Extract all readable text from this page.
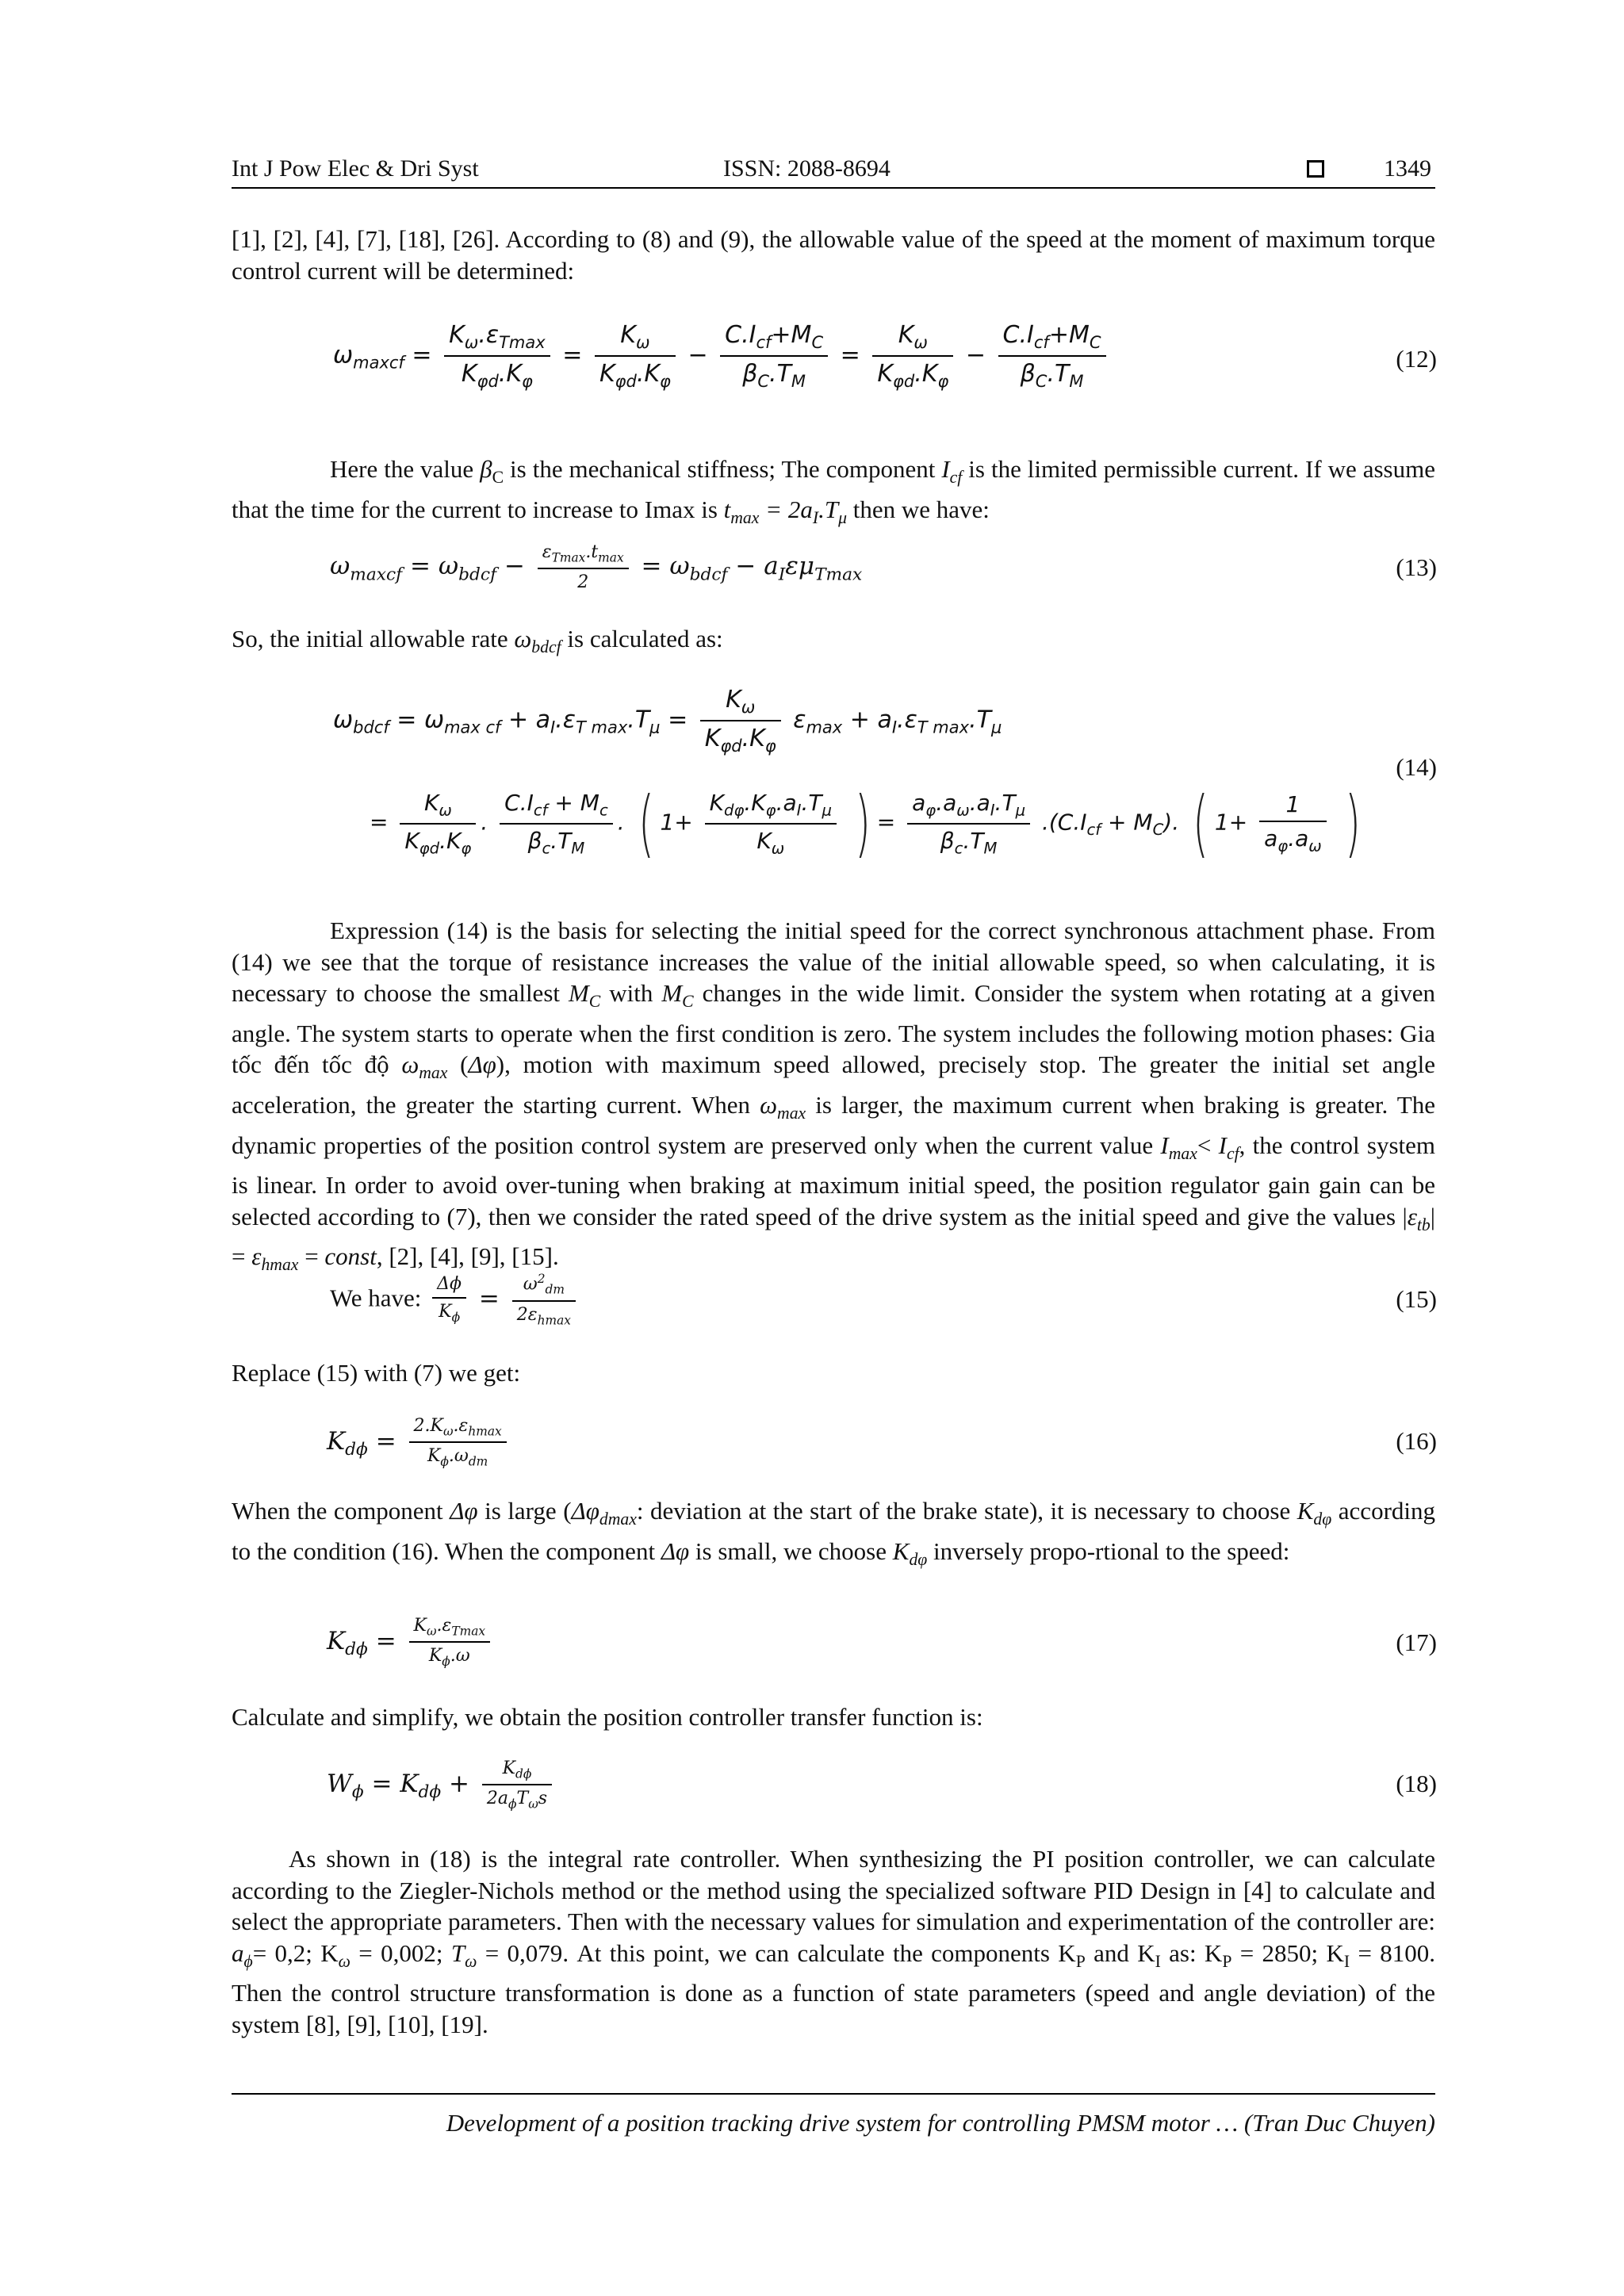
Int J Pow Elec & Dri Syst	ISSN: 2088-8694	1349

[1], [2], [4], [7], [18], [26]. According to (8) and (9), the allowable value of the speed at the moment of maximum torque control current will be determined:

$\omega_{maxcf} = \frac{K_\omega.\varepsilon_{Tmax}}{K_{\varphi d}.K_\varphi} = \frac{K_\omega}{K_{\varphi d}.K_\varphi} - \frac{C.I_{cf}+M_C}{\beta_C.T_M} = \frac{K_\omega}{K_{\varphi d}.K_\varphi} - \frac{C.I_{cf}+M_C}{\beta_C.T_M}$	(12)

Here the value $\beta_C$ is the mechanical stiffness; The component $I_{cf}$ is the limited permissible current. If we assume that the time for the current to increase to Imax is $t_{max} = 2a_I.T_\mu$ then we have:

$\omega_{maxcf} = \omega_{bdcf} - \frac{\varepsilon_{Tmax}.t_{max}}{2} = \omega_{bdcf} - a_I\varepsilon\mu_{Tmax}$	(13)

So, the initial allowable rate $\omega_{bdcf}$ is calculated as:

$\omega_{bdcf} = \omega_{max cf} + a_I.\varepsilon_{T max}.T_\mu = \frac{K_\omega}{K_{\varphi d}.K_\varphi} \varepsilon_{max} + a_I.\varepsilon_{T max}.T_\mu$
= $\frac{K_\omega}{K_{\varphi d}.K_\varphi}$ . $\frac{C.I_{cf} + M_c}{\beta_c.T_M}$ . ( $1+ \frac{K_{d\varphi}.K_\varphi.a_I.T_\mu}{K_\omega}$ ) = $\frac{a_\varphi.a_\omega.a_I.T_\mu}{\beta_c.T_M} .(C.I_{cf} + M_C)$. ( $1+ \frac{1}{a_\varphi.a_\omega}$ )
(14)

Expression (14) is the basis for selecting the initial speed for the correct synchronous attachment phase. From (14) we see that the torque of resistance increases the value of the initial allowable speed, so when calculating, it is necessary to choose the smallest $M_C$ with $M_C$ changes in the wide limit. Consider the system when rotating at a given angle. The system starts to operate when the first condition is zero. The system includes the following motion phases: Gia tốc đến tốc độ $\omega_{max}$ (Δφ), motion with maximum speed allowed, precisely stop. The greater the initial set angle acceleration, the greater the starting current. When $\omega_{max}$ is larger, the maximum current when braking is greater. The dynamic properties of the position control system are preserved only when the current value $I_{max}< I_{cf}$, the control system is linear. In order to avoid over-tuning when braking at maximum initial speed, the position regulator gain gain can be selected according to (7), then we consider the rated speed of the drive system as the initial speed and give the values $|\varepsilon_{tb}| = \varepsilon_{hmax}$ = const, [2], [4], [9], [15].

We have: $\frac{\Delta\phi}{K_\phi} = \frac{\omega^2_{dm}}{2\varepsilon_{hmax}}$	(15)

Replace (15) with (7) we get:

$K_{d\phi} = \frac{2.K_\omega.\varepsilon_{hmax}}{K_\phi.\omega_{dm}}$	(16)

When the component Δφ is large ($\Delta\varphi_{dmax}$: deviation at the start of the brake state), it is necessary to choose $K_{d\varphi}$ according to the condition (16). When the component Δφ is small, we choose $K_{d\varphi}$ inversely propo-rtional to the speed:

$K_{d\phi} = \frac{K_\omega.\varepsilon_{Tmax}}{K_\phi.\omega}$	(17)

Calculate and simplify, we obtain the position controller transfer function is:

$W_\phi = K_{d\phi} + \frac{K_{d\phi}}{2a_\phi T_\omega s}$	(18)

As shown in (18) is the integral rate controller. When synthesizing the PI position controller, we can calculate according to the Ziegler-Nichols method or the method using the specialized software PID Design in [4] to calculate and select the appropriate parameters. Then with the necessary values for simulation and experimentation of the controller are: $a_\phi= 0,2$; $K_\omega = 0,002$; $T_\omega = 0,079$. At this point, we can calculate the components $K_P$ and $K_I$ as: $K_P = 2850$; $K_I = 8100$. Then the control structure transformation is done as a function of state parameters (speed and angle deviation) of the system [8], [9], [10], [19].

Development of a position tracking drive system for controlling PMSM motor … (Tran Duc Chuyen)
